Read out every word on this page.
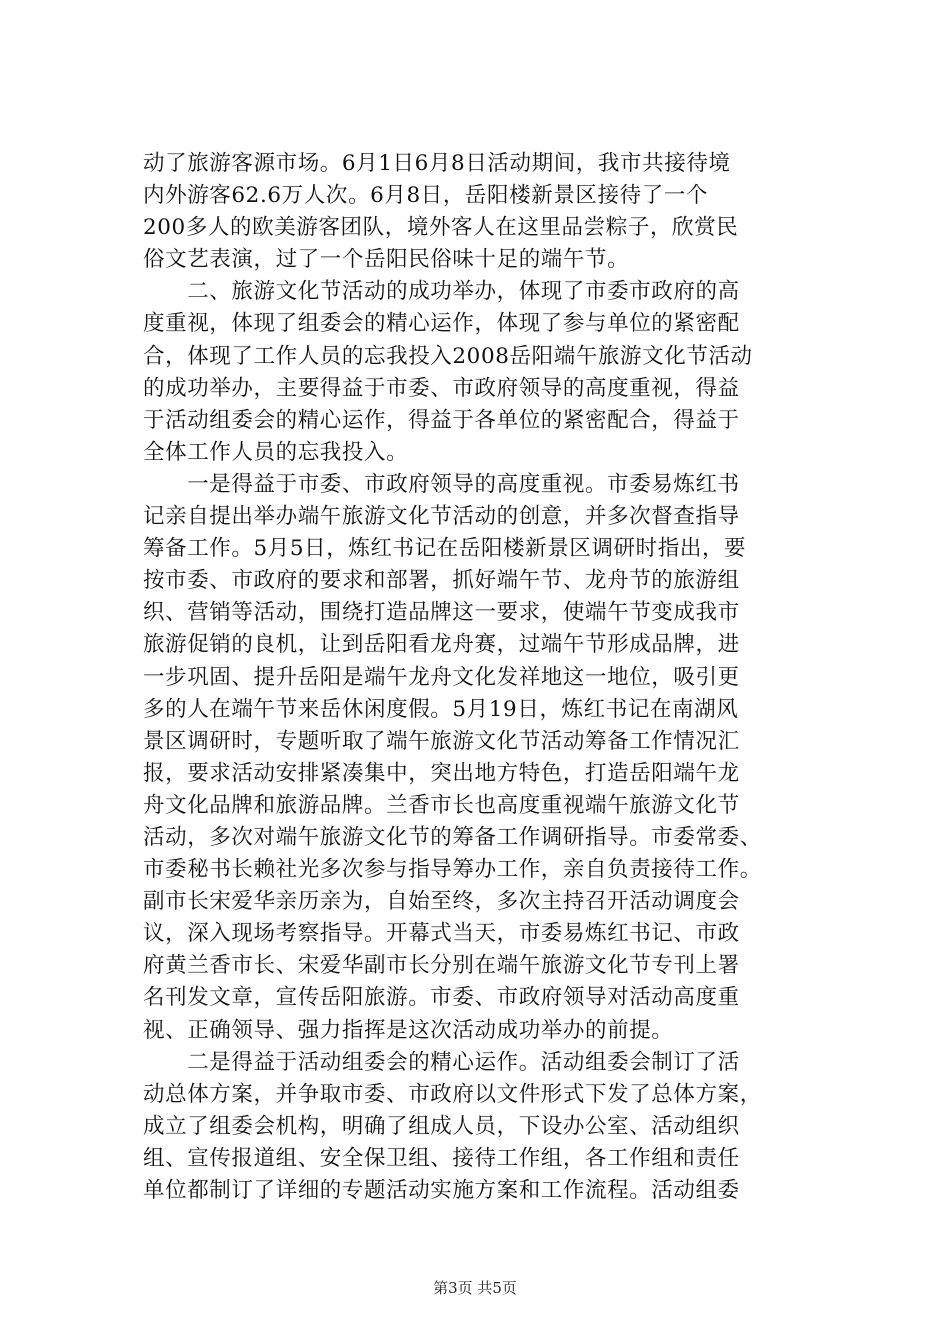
动了旅游客源市场。6月1日6月8日活动期间，我市共接待境
内外游客62.6万人次。6月8日，岳阳楼新景区接待了一个
200多人的欧美游客团队，境外客人在这里品尝粽子，欣赏民
俗文艺表演，过了一个岳阳民俗味十足的端午节。
　　二、旅游文化节活动的成功举办，体现了市委市政府的高
度重视，体现了组委会的精心运作，体现了参与单位的紧密配
合，体现了工作人员的忘我投入2008岳阳端午旅游文化节活动
的成功举办，主要得益于市委、市政府领导的高度重视，得益
于活动组委会的精心运作，得益于各单位的紧密配合，得益于
全体工作人员的忘我投入。
　　一是得益于市委、市政府领导的高度重视。市委易炼红书
记亲自提出举办端午旅游文化节活动的创意，并多次督查指导
筹备工作。5月5日，炼红书记在岳阳楼新景区调研时指出，要
按市委、市政府的要求和部署，抓好端午节、龙舟节的旅游组
织、营销等活动，围绕打造品牌这一要求，使端午节变成我市
旅游促销的良机，让到岳阳看龙舟赛，过端午节形成品牌，进
一步巩固、提升岳阳是端午龙舟文化发祥地这一地位，吸引更
多的人在端午节来岳休闲度假。5月19日，炼红书记在南湖风
景区调研时，专题听取了端午旅游文化节活动筹备工作情况汇
报，要求活动安排紧凑集中，突出地方特色，打造岳阳端午龙
舟文化品牌和旅游品牌。兰香市长也高度重视端午旅游文化节
活动，多次对端午旅游文化节的筹备工作调研指导。市委常委、
市委秘书长赖社光多次参与指导筹办工作，亲自负责接待工作。
副市长宋爱华亲历亲为，自始至终，多次主持召开活动调度会
议，深入现场考察指导。开幕式当天，市委易炼红书记、市政
府黄兰香市长、宋爱华副市长分别在端午旅游文化节专刊上署
名刊发文章，宣传岳阳旅游。市委、市政府领导对活动高度重
视、正确领导、强力指挥是这次活动成功举办的前提。
　　二是得益于活动组委会的精心运作。活动组委会制订了活
动总体方案，并争取市委、市政府以文件形式下发了总体方案，
成立了组委会机构，明确了组成人员，下设办公室、活动组织
组、宣传报道组、安全保卫组、接待工作组，各工作组和责任
单位都制订了详细的专题活动实施方案和工作流程。活动组委
第3页 共5页
